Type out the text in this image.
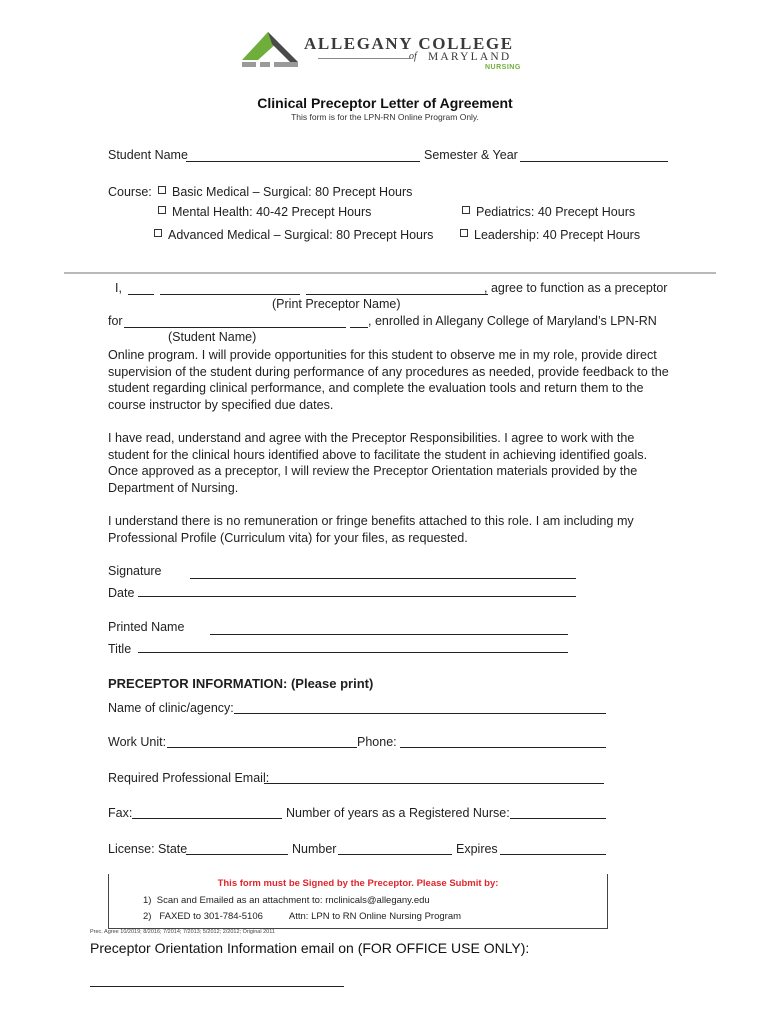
ALLEGANY COLLEGE
of MARYLAND
NURSING
Clinical Preceptor Letter of Agreement
This form is for the LPN-RN Online Program Only.
Student Name	Semester & Year
Course:	Basic Medical – Surgical: 80 Precept Hours
Mental Health: 40-42 Precept Hours	Pediatrics: 40 Precept Hours
Advanced Medical – Surgical: 80 Precept Hours	Leadership: 40 Precept Hours
I,	, agree to function as a preceptor
(Print Preceptor Name)
for	, enrolled in Allegany College of Maryland’s LPN-RN
(Student Name)
Online program. I will provide opportunities for this student to observe me in my role, provide direct
supervision of the student during performance of any procedures as needed, provide feedback to the
student regarding clinical performance, and complete the evaluation tools and return them to the
course instructor by specified due dates.
I have read, understand and agree with the Preceptor Responsibilities. I agree to work with the
student for the clinical hours identified above to facilitate the student in achieving identified goals.
Once approved as a preceptor, I will review the Preceptor Orientation materials provided by the
Department of Nursing.
I understand there is no remuneration or fringe benefits attached to this role. I am including my
Professional Profile (Curriculum vita) for your files, as requested.
Signature
Date
Printed Name
Title
PRECEPTOR INFORMATION: (Please print)
Name of clinic/agency:
Work Unit:	Phone:
Required Professional Email:
Fax:	Number of years as a Registered Nurse:
License: State	Number	Expires
This form must be Signed by the Preceptor. Please Submit by:
1) Scan and Emailed as an attachment to: rnclinicals@allegany.edu
2) FAXED to 301-784-5106	Attn: LPN to RN Online Nursing Program
Prec. Agree 10/2019; 8/2016; 7/2014; 7/2013; 5/2012; 2/2012; Original 2011
Preceptor Orientation Information email on (FOR OFFICE USE ONLY):
